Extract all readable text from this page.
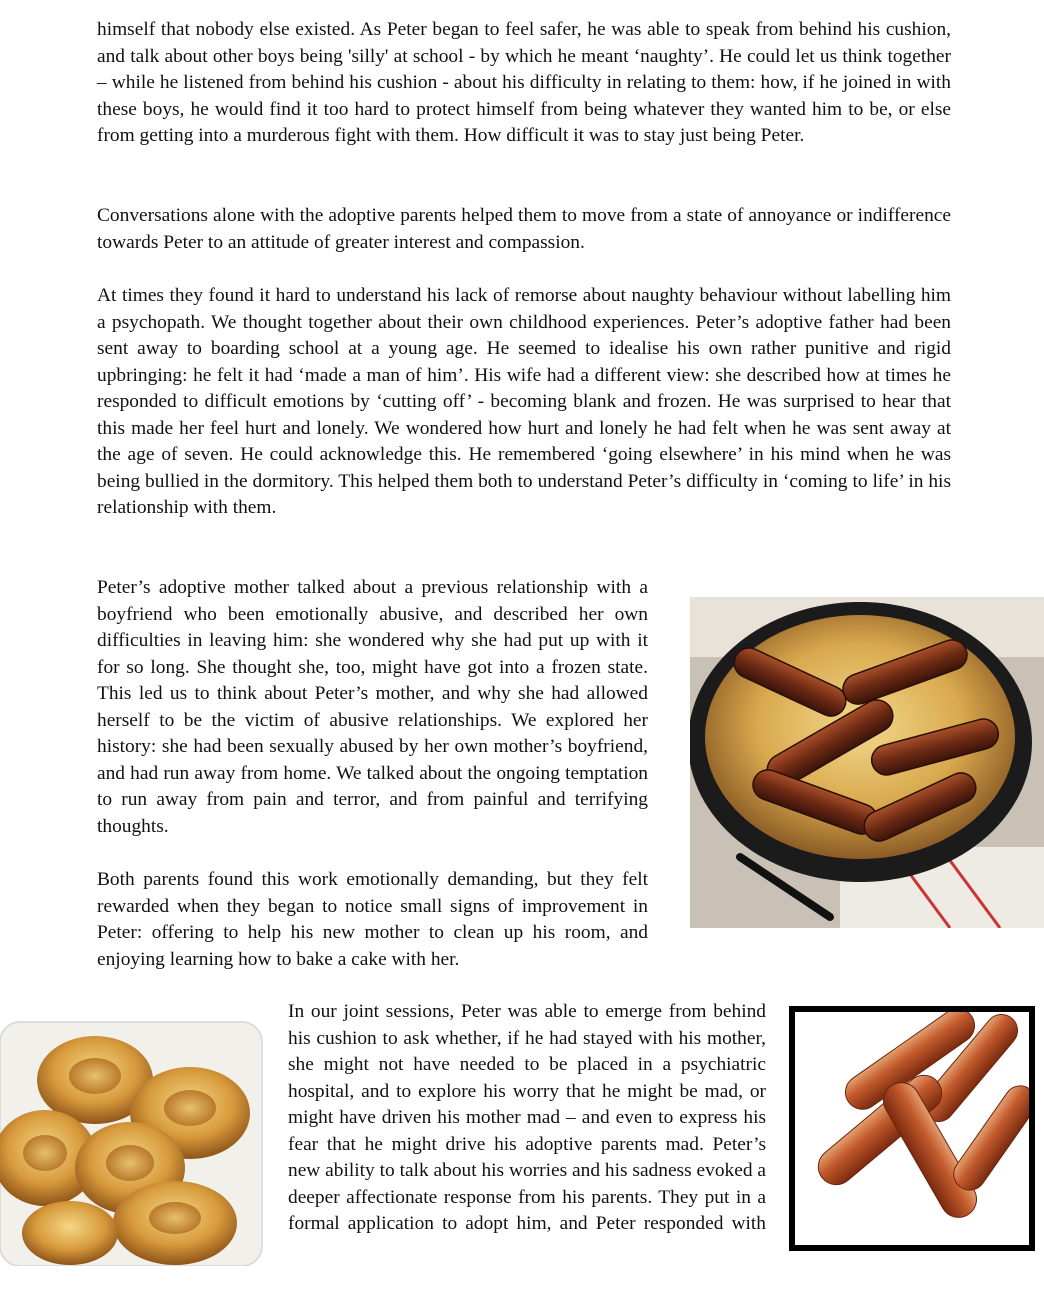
himself that nobody else existed. As Peter began to feel safer, he was able to speak from behind his cushion, and talk about other boys being 'silly' at school - by which he meant ‘naughty’. He could let us think together – while he listened from behind his cushion - about his difficulty in relating to them: how, if he joined in with these boys, he would find it too hard to protect himself from being whatever they wanted him to be, or else from getting into a murderous fight with them. How difficult it was to stay just being Peter.

Conversations alone with the adoptive parents helped them to move from a state of annoyance or indifference towards Peter to an attitude of greater interest and compassion.

At times they found it hard to understand his lack of remorse about naughty behaviour without labelling him a psychopath. We thought together about their own childhood experiences. Peter’s adoptive father had been sent away to boarding school at a young age. He seemed to idealise his own rather punitive and rigid upbringing: he felt it had ‘made a man of him’. His wife had a different view: she described how at times he responded to difficult emotions by ‘cutting off’ - becoming blank and frozen. He was surprised to hear that this made her feel hurt and lonely. We wondered how hurt and lonely he had felt when he was sent away at the age of seven. He could acknowledge this. He remembered ‘going elsewhere’ in his mind when he was being bullied in the dormitory. This helped them both to understand Peter’s difficulty in ‘coming to life’ in his relationship with them.

Peter’s adoptive mother talked about a previous relationship with a boyfriend who been emotionally abusive, and described her own difficulties in leaving him: she wondered why she had put up with it for so long. She thought she, too, might have got into a frozen state. This led us to think about Peter’s mother, and why she had allowed herself to be the victim of abusive relationships. We explored her history: she had been sexually abused by her own mother’s boyfriend, and had run away from home. We talked about the ongoing temptation to run away from pain and terror, and from painful and terrifying thoughts.

Both parents found this work emotionally demanding, but they felt rewarded when they began to notice small signs of improvement in Peter: offering to help his new mother to clean up his room, and enjoying learning how to bake a cake with her.

In our joint sessions, Peter was able to emerge from behind his cushion to ask whether, if he had stayed with his mother, she might not have needed to be placed in a psychiatric hospital, and to explore his worry that he might be mad, or might have driven his mother mad – and even to express his fear that he might drive his adoptive parents mad. Peter’s new ability to talk about his worries and his sadness evoked a deeper affectionate response from his parents. They put in a formal application to adopt him, and Peter responded with
